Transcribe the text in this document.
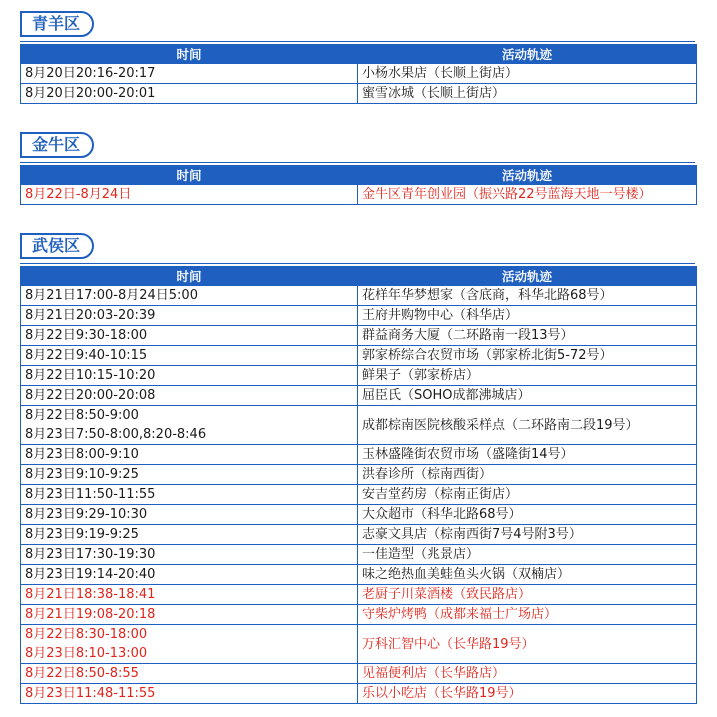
青羊区
时间	活动轨迹
8月20日20:16-20:17	小杨水果店（长顺上街店）
8月20日20:00-20:01	蜜雪冰城（长顺上街店）
金牛区
时间	活动轨迹
8月22日-8月24日	金牛区青年创业园（振兴路22号蓝海天地一号楼）
武侯区
时间	活动轨迹
8月21日17:00-8月24日5:00	花样年华梦想家（含底商，科华北路68号）
8月21日20:03-20:39	王府井购物中心（科华店）
8月22日9:30-18:00	群益商务大厦（二环路南一段13号）
8月22日9:40-10:15	郭家桥综合农贸市场（郭家桥北街5-72号）
8月22日10:15-10:20	鲜果子（郭家桥店）
8月22日20:00-20:08	屈臣氏（SOHO成都沸城店）

8月22日8:50-9:00
8月23日7:50-8:00,8:20-8:46	成都棕南医院核酸采样点（二环路南二段19号）
8月23日8:00-9:10	玉林盛隆街农贸市场（盛隆街14号）
8月23日9:10-9:25	洪春诊所（棕南西街）
8月23日11:50-11:55	安吉堂药房（棕南正街店）
8月23日9:29-10:30	大众超市（科华北路68号）
8月23日9:19-9:25	志豪文具店（棕南西街7号4号附3号）
8月23日17:30-19:30	一佳造型（兆景店）
8月23日19:14-20:40	味之绝热血美蛙鱼头火锅（双楠店）
8月21日18:38-18:41	老厨子川菜酒楼（致民路店）
8月21日19:08-20:18	守柴炉烤鸭（成都来福士广场店）

8月22日8:30-18:00
8月23日8:10-13:00	万科汇智中心（长华路19号）
8月22日8:50-8:55	见福便利店（长华路店）
8月23日11:48-11:55	乐以小吃店（长华路19号）
